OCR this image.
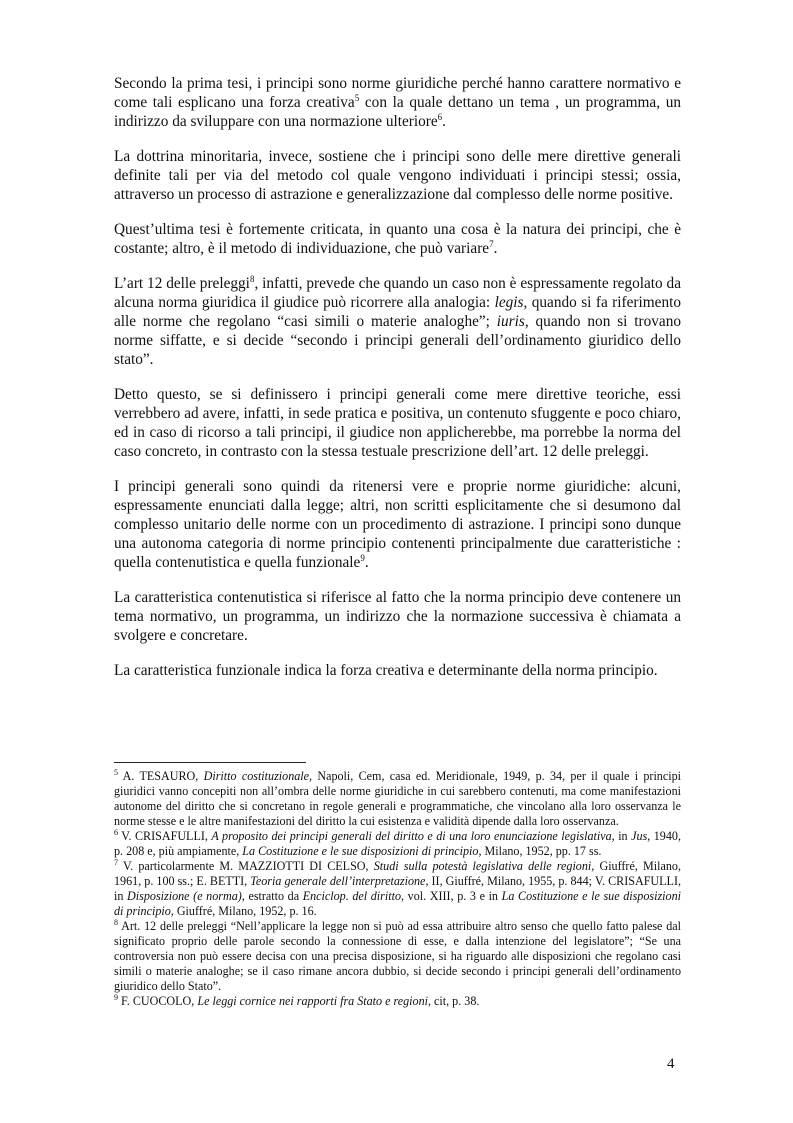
Secondo la prima tesi, i principi sono norme giuridiche perché hanno carattere normativo e come tali esplicano una forza creativa$^5$ con la quale dettano un tema , un programma, un indirizzo da sviluppare con una normazione ulteriore$^6$.

La dottrina minoritaria, invece, sostiene che i principi sono delle mere direttive generali definite tali per via del metodo col quale vengono individuati i principi stessi; ossia, attraverso un processo di astrazione e generalizzazione dal complesso delle norme positive.

Quest’ultima tesi è fortemente criticata, in quanto una cosa è la natura dei principi, che è costante; altro, è il metodo di individuazione, che può variare$^7$.

L’art 12 delle preleggi$^8$, infatti, prevede che quando un caso non è espressamente regolato da alcuna norma giuridica il giudice può ricorrere alla analogia: legis, quando si fa riferimento alle norme che regolano “casi simili o materie analoghe”; iuris, quando non si trovano norme siffatte, e si decide “secondo i principi generali dell’ordinamento giuridico dello stato”.

Detto questo, se si definissero i principi generali come mere direttive teoriche, essi verrebbero ad avere, infatti, in sede pratica e positiva, un contenuto sfuggente e poco chiaro, ed in caso di ricorso a tali principi, il giudice non applicherebbe, ma porrebbe la norma del caso concreto, in contrasto con la stessa testuale prescrizione dell’art. 12 delle preleggi.

I principi generali sono quindi da ritenersi vere e proprie norme giuridiche: alcuni, espressamente enunciati dalla legge; altri, non scritti esplicitamente che si desumono dal complesso unitario delle norme con un procedimento di astrazione. I principi sono dunque una autonoma categoria di norme principio contenenti principalmente due caratteristiche : quella contenutistica e quella funzionale$^9$.

La caratteristica contenutistica si riferisce al fatto che la norma principio deve contenere un tema normativo, un programma, un indirizzo che la normazione successiva è chiamata a svolgere e concretare.

La caratteristica funzionale indica la forza creativa e determinante della norma principio.

$^5$ A. TESAURO, Diritto costituzionale, Napoli, Cem, casa ed. Meridionale, 1949, p. 34, per il quale i principi giuridici vanno concepiti non all’ombra delle norme giuridiche in cui sarebbero contenuti, ma come manifestazioni autonome del diritto che si concretano in regole generali e programmatiche, che vincolano alla loro osservanza le norme stesse e le altre manifestazioni del diritto la cui esistenza e validità dipende dalla loro osservanza.

$^6$ V. CRISAFULLI, A proposito dei principi generali del diritto e di una loro enunciazione legislativa, in Jus, 1940, p. 208 e, più ampiamente, La Costituzione e le sue disposizioni di principio, Milano, 1952, pp. 17 ss.

$^7$ V. particolarmente M. MAZZIOTTI DI CELSO, Studi sulla potestà legislativa delle regioni, Giuffré, Milano, 1961, p. 100 ss.; E. BETTI, Teoria generale dell’interpretazione, II, Giuffré, Milano, 1955, p. 844; V. CRISAFULLI, in Disposizione (e norma), estratto da Enciclop. del diritto, vol. XIII, p. 3 e in La Costituzione e le sue disposizioni di principio, Giuffré, Milano, 1952, p. 16.

$^8$ Art. 12 delle preleggi “Nell’applicare la legge non si può ad essa attribuire altro senso che quello fatto palese dal significato proprio delle parole secondo la connessione di esse, e dalla intenzione del legislatore”; “Se una controversia non può essere decisa con una precisa disposizione, si ha riguardo alle disposizioni che regolano casi simili o materie analoghe; se il caso rimane ancora dubbio, si decide secondo i principi generali dell’ordinamento giuridico dello Stato”.

$^9$ F. CUOCOLO, Le leggi cornice nei rapporti fra Stato e regioni, cit, p. 38.

4
